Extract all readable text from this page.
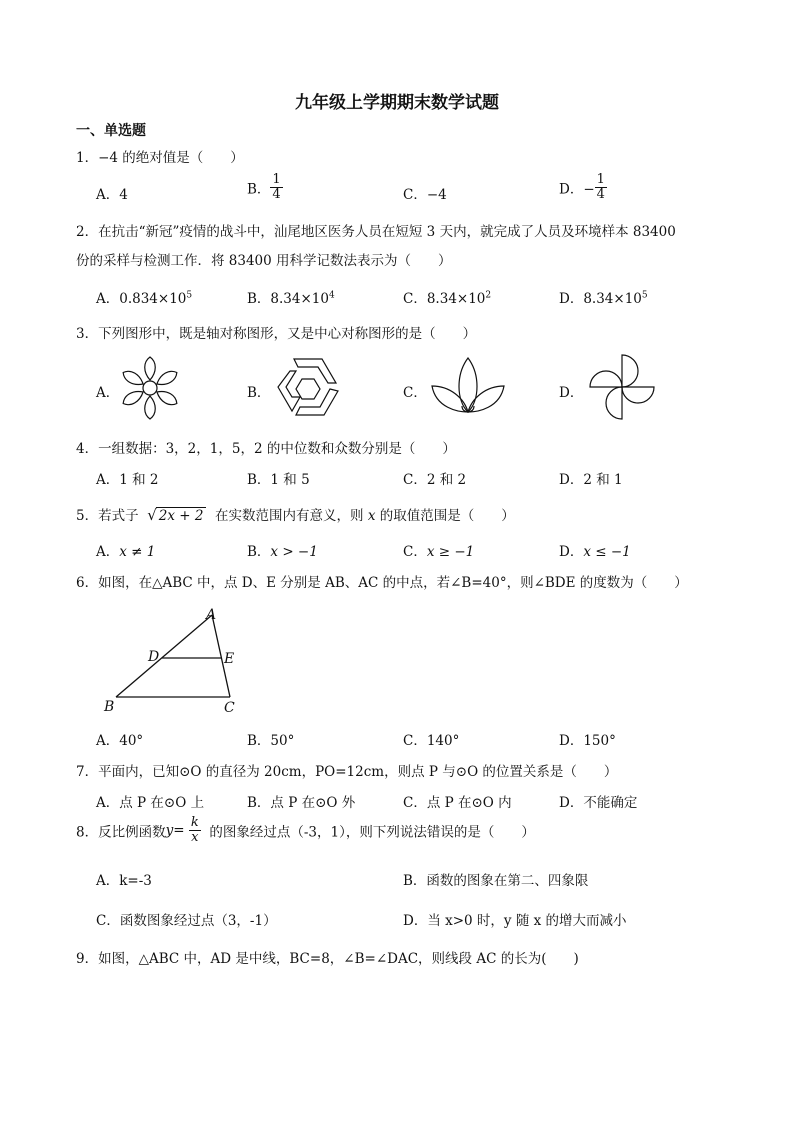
九年级上学期期末数学试题
一、单选题
1．−4 的绝对值是（　　）
A．4	B． $\frac{1}{4}$	C．−4	D．− $\frac{1}{4}$
2．在抗击“新冠”疫情的战斗中，汕尾地区医务人员在短短 3 天内，就完成了人员及环境样本 83400
份的采样与检测工作．将 83400 用科学记数法表示为（　　）
A．$0.834\times 10^5$	B．$8.34\times 10^4$	C．$8.34\times 10^2$	D．$8.34\times 10^5$
3．下列图形中，既是轴对称图形，又是中心对称图形的是（　　）
A．	B．	C．	D．
4．一组数据：3，2，1，5，2 的中位数和众数分别是（　　）
A．1 和 2	B．1 和 5	C．2 和 2	D．2 和 1
5．若式子 √ 2x + 2 在实数范围内有意义，则 x 的取值范围是（　　）
A．x ≠ 1	B．x > −1	C．x ≥ −1	D．x ≤ −1
6．如图，在△ABC 中，点 D、E 分别是 AB、AC 的中点，若∠B=40°，则∠BDE 的度数为（　　）
A
B	C
D	E
A．40°	B．50°	C．140°	D．150°
7．平面内，已知⊙O 的直径为 20cm，PO=12cm，则点 P 与⊙O 的位置关系是（　　）
A．点 P 在⊙O 上	B．点 P 在⊙O 外	C．点 P 在⊙O 内	D．不能确定
8．反比例函数$y= \frac{k}{x}$ 的图象经过点（-3，1），则下列说法错误的是（　　）
A．k=-3	B．函数的图象在第二、四象限
C．函数图象经过点（3，-1）	D．当 x>0 时，y 随 x 的增大而减小
9．如图，△ABC 中，AD 是中线，BC=8，∠B=∠DAC，则线段 AC 的长为(　　)
